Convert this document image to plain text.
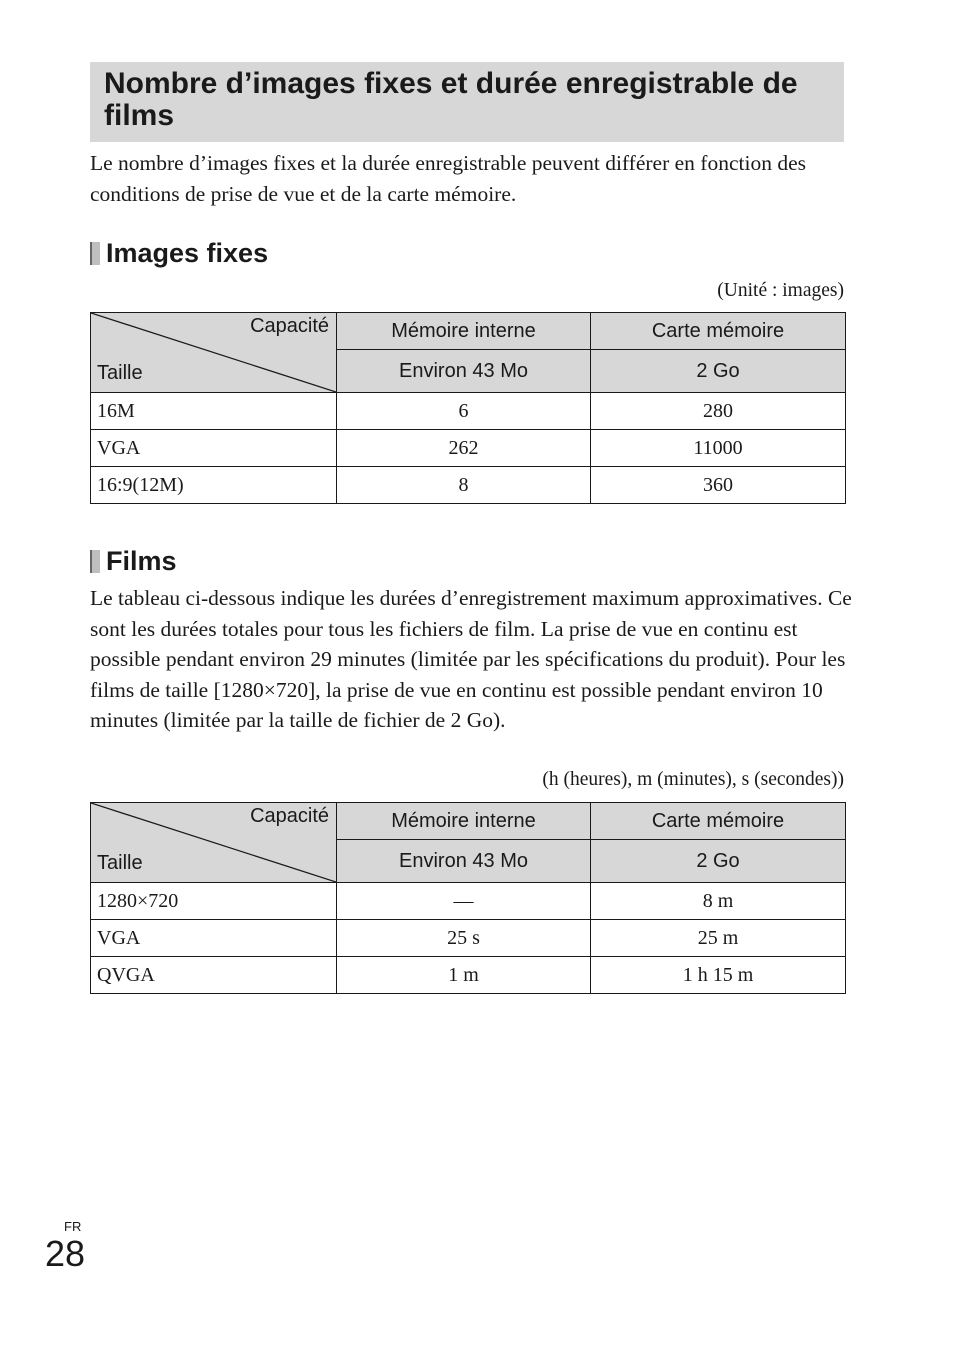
Nombre d’images fixes et durée enregistrable de films

Le nombre d’images fixes et la durée enregistrable peuvent différer en fonction des conditions de prise de vue et de la carte mémoire.

Images fixes

(Unité : images)

Capacité
Taille	Mémoire interne	Carte mémoire
	Environ 43 Mo	2 Go
16M	6	280
VGA	262	11000
16:9(12M)	8	360
Films

Le tableau ci-dessous indique les durées d’enregistrement maximum approximatives. Ce sont les durées totales pour tous les fichiers de film. La prise de vue en continu est possible pendant environ 29 minutes (limitée par les spécifications du produit). Pour les films de taille [1280×720], la prise de vue en continu est possible pendant environ 10 minutes (limitée par la taille de fichier de 2 Go).

(h (heures), m (minutes), s (secondes))

Capacité
Taille	Mémoire interne	Carte mémoire
	Environ 43 Mo	2 Go
1280×720	—	8 m
VGA	25 s	25 m
QVGA	1 m	1 h 15 m
FR
28
